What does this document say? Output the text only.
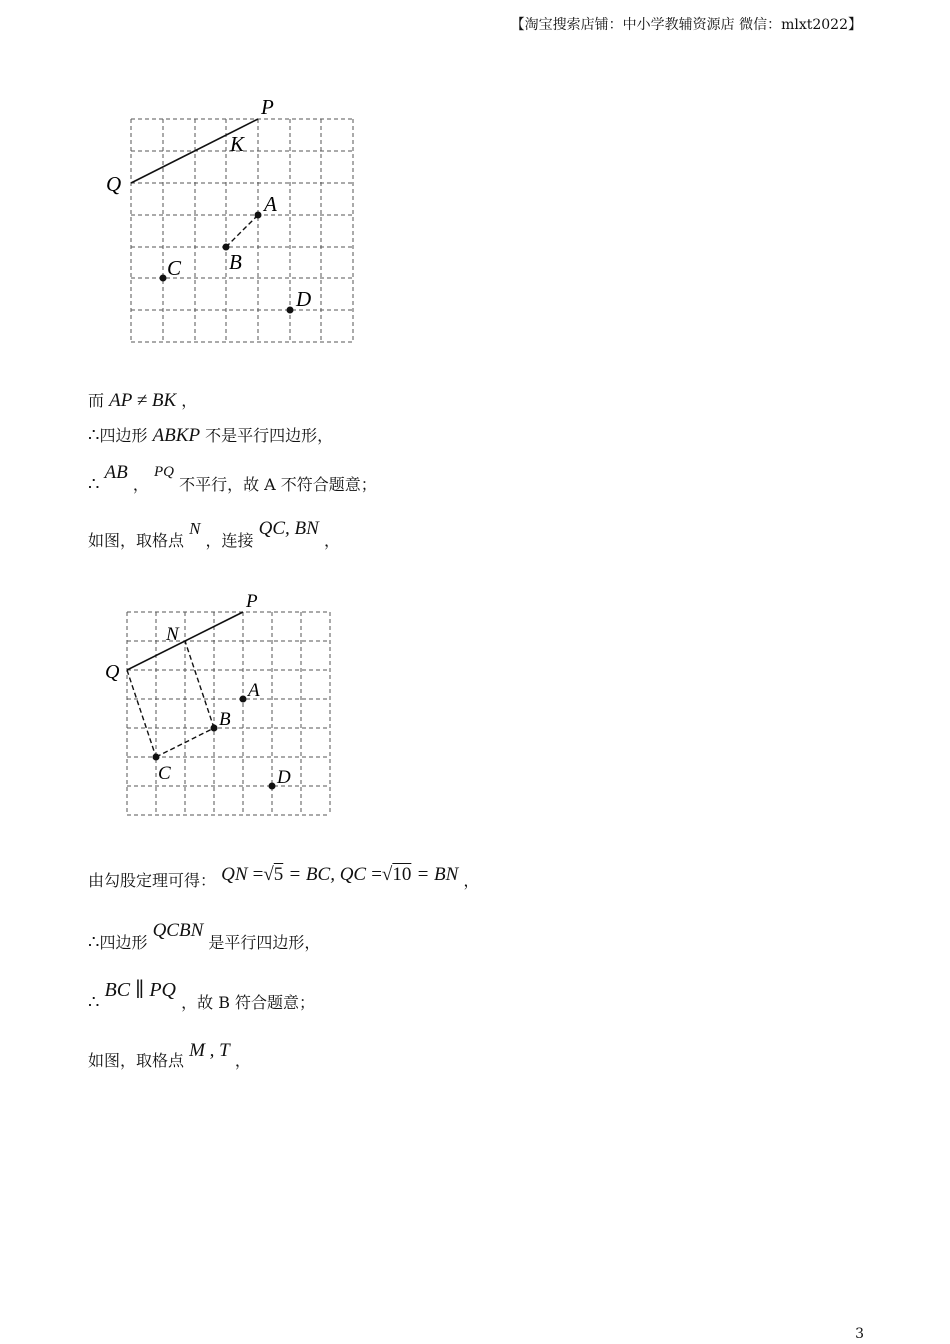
【淘宝搜索店铺：中小学教辅资源店 微信：mlxt2022】
P
K
Q
A
B
C
D
而 AP ≠ BK ，
∴四边形 ABKP 不是平行四边形，
∴ AB ， PQ 不平行，故 A 不符合题意；
如图，取格点 N ，连接 QC, BN ，
P
N
Q
A
B
C	D
由勾股定理可得： QN =√5 = BC, QC =√10 = BN ，
∴四边形 QCBN 是平行四边形，
∴ BC ∥ PQ ，故 B 符合题意；
如图，取格点 M , T ，
3
